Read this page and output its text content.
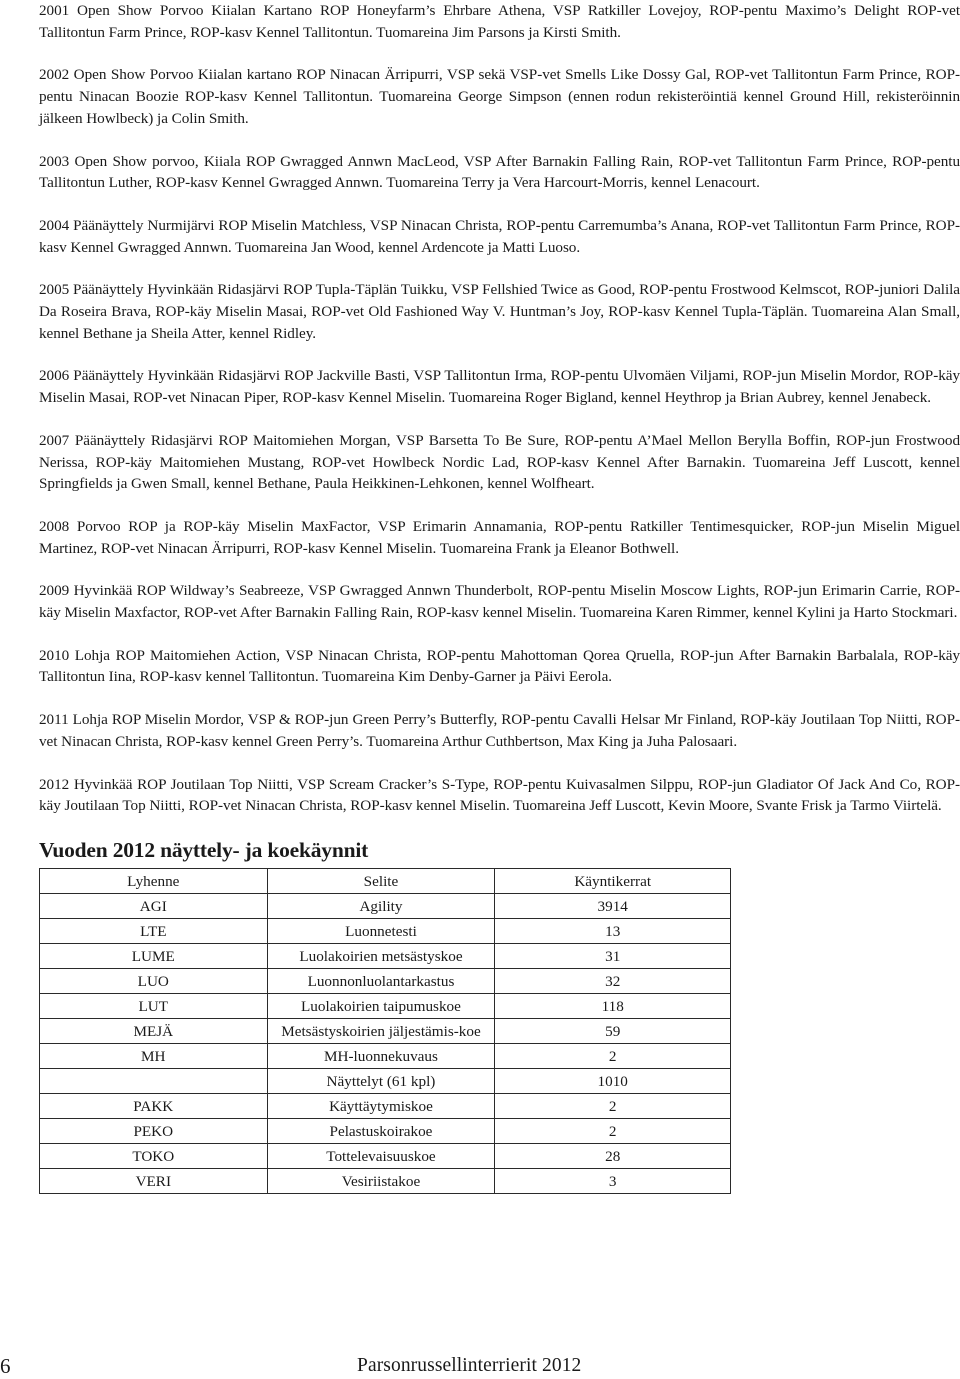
2001 Open Show Porvoo Kiialan Kartano ROP Honeyfarm’s Ehrbare Athena, VSP Ratkiller Lovejoy, ROP-pentu Maximo’s Delight ROP-vet Tallitontun Farm Prince, ROP-kasv Kennel Tallitontun. Tuomareina Jim Parsons ja Kirsti Smith.

2002 Open Show Porvoo Kiialan kartano ROP Ninacan Ärripurri, VSP sekä VSP-vet Smells Like Dossy Gal, ROP-vet Tallitontun Farm Prince, ROP-pentu Ninacan Boozie ROP-kasv Kennel Tallitontun. Tuomareina George Simpson (ennen rodun rekisteröintiä kennel Ground Hill, rekisteröinnin jälkeen Howlbeck) ja Colin Smith.

2003 Open Show porvoo, Kiiala ROP Gwragged Annwn MacLeod, VSP After Barnakin Falling Rain, ROP-vet Tallitontun Farm Prince, ROP-pentu Tallitontun Luther, ROP-kasv Kennel Gwragged Annwn. Tuomareina Terry ja Vera Harcourt-Morris, kennel Lenacourt.

2004 Päänäyttely Nurmijärvi ROP Miselin Matchless, VSP Ninacan Christa, ROP-pentu Carremumba’s Anana, ROP-vet Tallitontun Farm Prince, ROP-kasv Kennel Gwragged Annwn. Tuomareina Jan Wood, kennel Ardencote ja Matti Luoso.

2005 Päänäyttely Hyvinkään Ridasjärvi ROP Tupla-Täplän Tuikku, VSP Fellshied Twice as Good, ROP-pentu Frostwood Kelmscot, ROP-juniori Dalila Da Roseira Brava, ROP-käy Miselin Masai, ROP-vet Old Fashioned Way V. Huntman’s Joy, ROP-kasv Kennel Tupla-Täplän. Tuomareina Alan Small, kennel Bethane ja Sheila Atter, kennel Ridley.

2006 Päänäyttely Hyvinkään Ridasjärvi ROP Jackville Basti, VSP Tallitontun Irma, ROP-pentu Ulvomäen Viljami, ROP-jun Miselin Mordor, ROP-käy Miselin Masai, ROP-vet Ninacan Piper, ROP-kasv Kennel Miselin. Tuomareina Roger Bigland, kennel Heythrop ja Brian Aubrey, kennel Jenabeck.

2007 Päänäyttely Ridasjärvi ROP Maitomiehen Morgan, VSP Barsetta To Be Sure, ROP-pentu A’Mael Mellon Berylla Boffin, ROP-jun Frostwood Nerissa, ROP-käy Maitomiehen Mustang, ROP-vet Howlbeck Nordic Lad, ROP-kasv Kennel After Barnakin. Tuomareina Jeff Luscott, kennel Springfields ja Gwen Small, kennel Bethane, Paula Heikkinen-Lehkonen, kennel Wolfheart.

2008 Porvoo ROP ja ROP-käy Miselin MaxFactor, VSP Erimarin Annamania, ROP-pentu Ratkiller Tentimesquicker, ROP-jun Miselin Miguel Martinez, ROP-vet Ninacan Ärripurri, ROP-kasv Kennel Miselin. Tuomareina Frank ja Eleanor Bothwell.

2009 Hyvinkää ROP Wildway’s Seabreeze, VSP Gwragged Annwn Thunderbolt, ROP-pentu Miselin Moscow Lights, ROP-jun Erimarin Carrie, ROP-käy Miselin Maxfactor, ROP-vet After Barnakin Falling Rain, ROP-kasv kennel Miselin. Tuomareina Karen Rimmer, kennel Kylini ja Harto Stockmari.

2010 Lohja ROP Maitomiehen Action, VSP Ninacan Christa, ROP-pentu Mahottoman Qorea Qruella, ROP-jun After Barnakin Barbalala, ROP-käy Tallitontun Iina, ROP-kasv kennel Tallitontun. Tuomareina Kim Denby-Garner ja Päivi Eerola.

2011 Lohja ROP Miselin Mordor, VSP & ROP-jun Green Perry’s Butterfly, ROP-pentu Cavalli Helsar Mr Finland, ROP-käy Joutilaan Top Niitti, ROP-vet Ninacan Christa, ROP-kasv kennel Green Perry’s. Tuomareina Arthur Cuthbertson, Max King ja Juha Palosaari.

2012 Hyvinkää ROP Joutilaan Top Niitti, VSP Scream Cracker’s S-Type, ROP-pentu Kuivasalmen Silppu, ROP-jun Gladiator Of Jack And Co, ROP-käy Joutilaan Top Niitti, ROP-vet Ninacan Christa, ROP-kasv kennel Miselin. Tuomareina Jeff Luscott, Kevin Moore, Svante Frisk ja Tarmo Viirtelä.

Vuoden 2012 näyttely- ja koekäynnit
Lyhenne	Selite	Käyntikerrat
AGI	Agility	3914
LTE	Luonnetesti	13
LUME	Luolakoirien metsästyskoe	31
LUO	Luonnonluolantarkastus	32
LUT	Luolakoirien taipumuskoe	118
MEJÄ	Metsästyskoirien jäljestämis-koe	59
MH	MH-luonnekuvaus	2
	Näyttelyt (61 kpl)	1010
PAKK	Käyttäytymiskoe	2
PEKO	Pelastuskoirakoe	2
TOKO	Tottelevaisuuskoe	28
VERI	Vesiriistakoe	3
6	Parsonrussellinterrierit 2012
